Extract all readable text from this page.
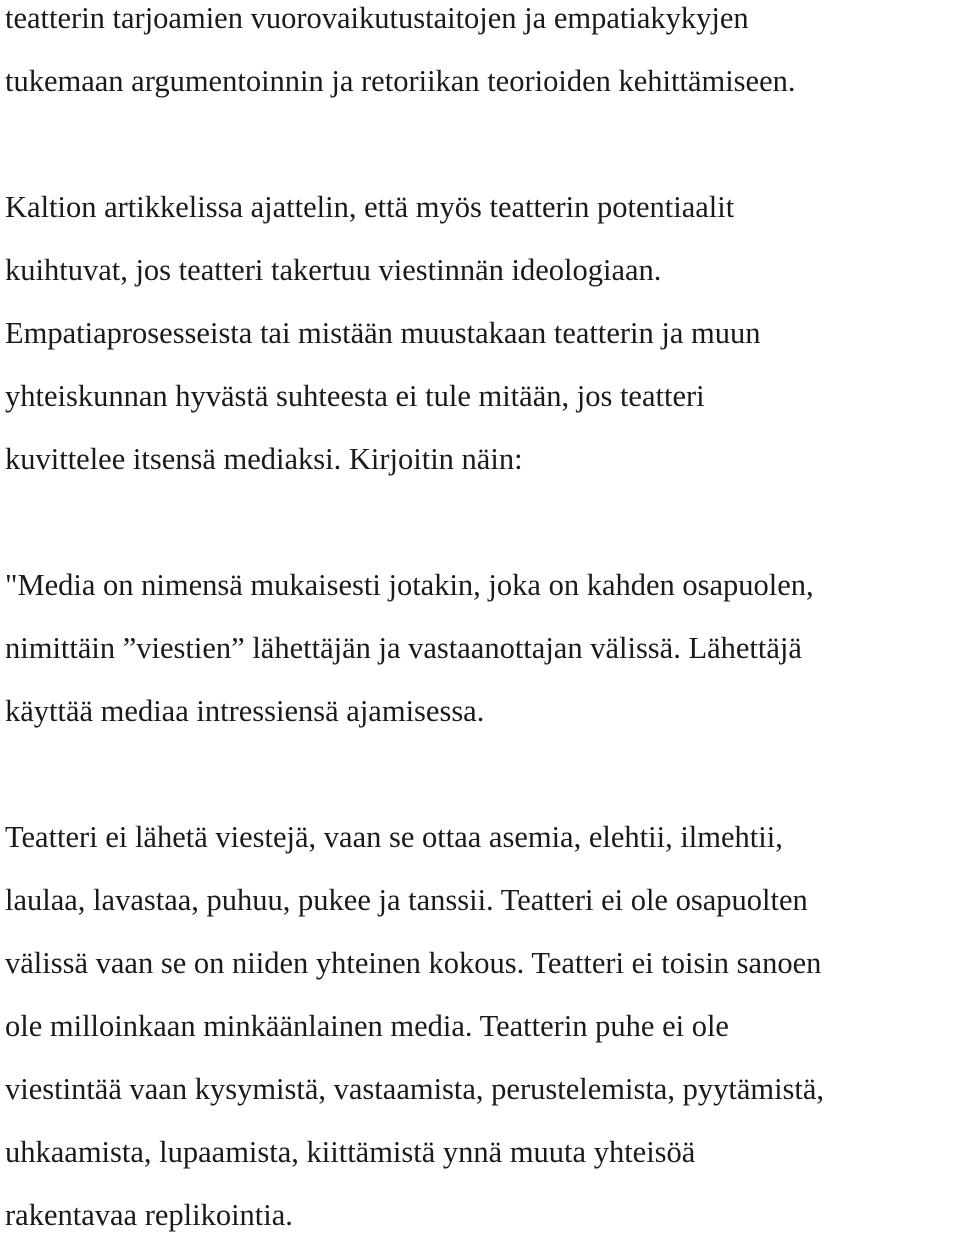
teatterin tarjoamien vuorovaikutustaitojen ja empatiakykyjen
tukemaan argumentoinnin ja retoriikan teorioiden kehittämiseen.
Kaltion artikkelissa ajattelin, että myös teatterin potentiaalit
kuihtuvat, jos teatteri takertuu viestinnän ideologiaan.
Empatiaprosesseista tai mistään muustakaan teatterin ja muun
yhteiskunnan hyvästä suhteesta ei tule mitään, jos teatteri
kuvittelee itsensä mediaksi. Kirjoitin näin:
"Media on nimensä mukaisesti jotakin, joka on kahden osapuolen,
nimittäin ”viestien” lähettäjän ja vastaanottajan välissä. Lähettäjä
käyttää mediaa intressiensä ajamisessa.
Teatteri ei lähetä viestejä, vaan se ottaa asemia, elehtii, ilmehtii,
laulaa, lavastaa, puhuu, pukee ja tanssii. Teatteri ei ole osapuolten
välissä vaan se on niiden yhteinen kokous. Teatteri ei toisin sanoen
ole milloinkaan minkäänlainen media. Teatterin puhe ei ole
viestintää vaan kysymistä, vastaamista, perustelemista, pyytämistä,
uhkaamista, lupaamista, kiittämistä ynnä muuta yhteisöä
rakentavaa replikointia.
